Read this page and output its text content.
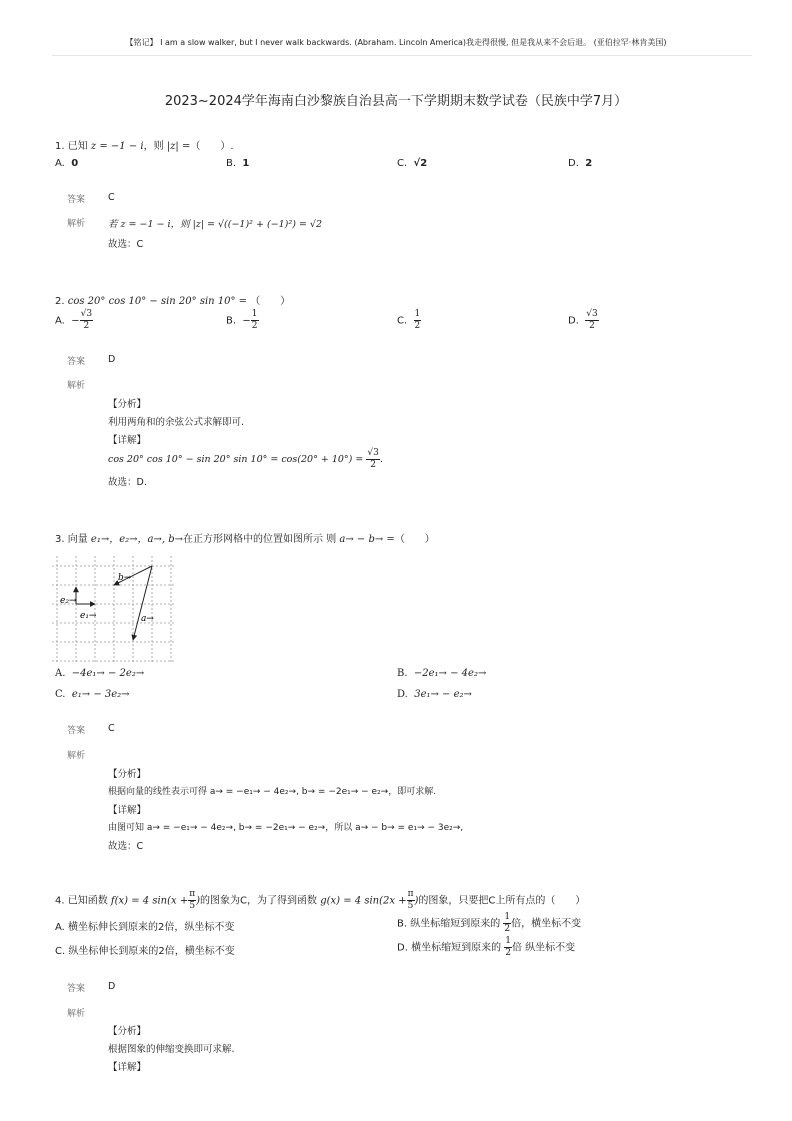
【铭记】 I am a slow walker, but I never walk backwards. (Abraham. Lincoln America)我走得很慢, 但是我从来不会后退。 (亚伯拉罕·林肯美国)
2023~2024学年海南白沙黎族自治县高一下学期期末数学试卷（民族中学7月）
1. 已知 z = −1 − i，则 |z| =（　　）.
A. 0	B. 1	C. √2	D. 2
答案 C
解析 若 z = −1 − i，则 |z| = √((−1)² + (−1)²) = √2
故选：C
2. cos 20° cos 10° − sin 20° sin 10° = （　　）
A. − $\frac{√3}{2}$	B. − $\frac{1}{2}$	C. $\frac{1}{2}$	D. $\frac{√3}{2}$
答案 D
解析
【分析】
利用两角和的余弦公式求解即可.
【详解】
cos 20° cos 10° − sin 20° $\sin 10^\circ = \cos(20^\circ + 10^\circ) = \frac{√3}{2}$ .
故选：D.
3. 向量 e₁→，e₂→，a→, b→在正方形网格中的位置如图所示 则 a→ − b→ =（　　）
b→
a→
e₁→
e₂→
A. −4e₁→ − 2e₂→	B. −2e₁→ − 4e₂→
C. e₁→ − 3e₂→	D. 3e₁→ − e₂→
答案 C
解析
【分析】
根据向量的线性表示可得 a→ = −e₁→ − 4e₂→, b→ = −2e₁→ − e₂→，即可求解.
【详解】
由图可知 a→ = −e₁→ − 4e₂→, b→ = −2e₁→ − e₂→，所以 a→ − b→ = e₁→ − 3e₂→,
故选：C
4. 已知函数 f(x) = 4 $\sin(x + \frac{\pi}{5}$ )的图象为C，为了得到函数 g(x) = 4 $\sin(2x + \frac{\pi}{5}$ )的图象，只要把C上所有点的（　　）
A. 横坐标伸长到原来的2倍，纵坐标不变	B. 纵坐标缩短到原来的 $\frac{1}{2}$ 倍，横坐标不变
C. 纵坐标伸长到原来的2倍，横坐标不变	D. 横坐标缩短到原来的 $\frac{1}{2}$ 倍 纵坐标不变
答案 D
解析
【分析】
根据图象的伸缩变换即可求解.
【详解】
